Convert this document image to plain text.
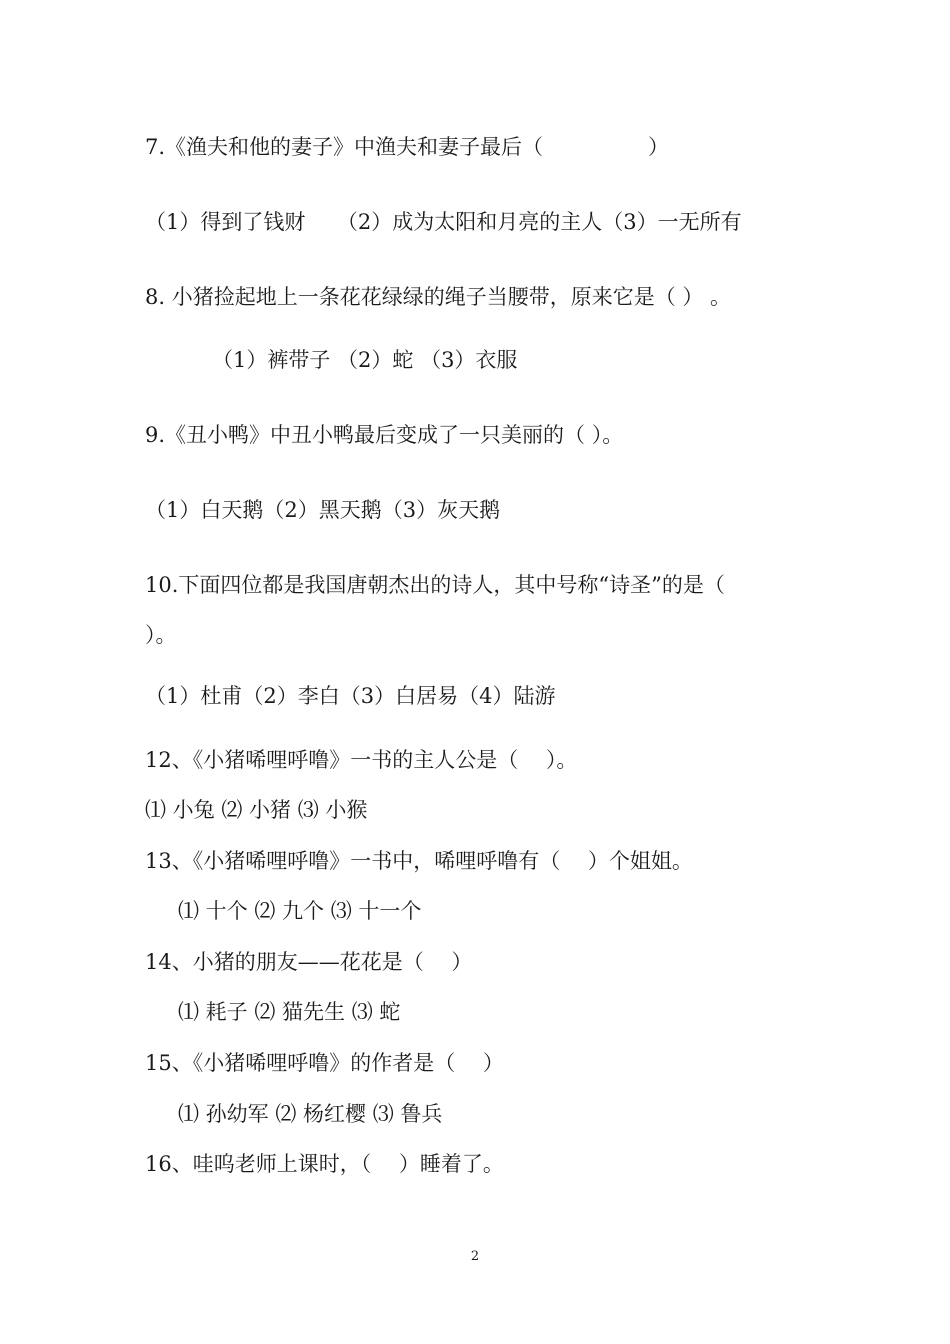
7.《渔夫和他的妻子》中渔夫和妻子最后（　　　　　）
（1）得到了钱财　　（2）成为太阳和月亮的主人（3）一无所有
8. 小猪捡起地上一条花花绿绿的绳子当腰带，原来它是（ ） 。
（1）裤带子 （2）蛇 （3）衣服
9.《丑小鸭》中丑小鸭最后变成了一只美丽的（ ）。
（1）白天鹅（2）黑天鹅（3）灰天鹅
10.下面四位都是我国唐朝杰出的诗人，其中号称“诗圣”的是（
）。
（1）杜甫（2）李白（3）白居易（4）陆游
12、《小猪唏哩呼噜》一书的主人公是（　 ）。
⑴ 小兔 ⑵ 小猪 ⑶ 小猴
13、《小猪唏哩呼噜》一书中，唏哩呼噜有（　 ）个姐姐。
⑴ 十个 ⑵ 九个 ⑶ 十一个
14、小猪的朋友——花花是（　 ）
⑴ 耗子 ⑵ 猫先生 ⑶ 蛇
15、《小猪唏哩呼噜》的作者是（　 ）
⑴ 孙幼军 ⑵ 杨红樱 ⑶ 鲁兵
16、哇呜老师上课时，（　 ）睡着了。
2
